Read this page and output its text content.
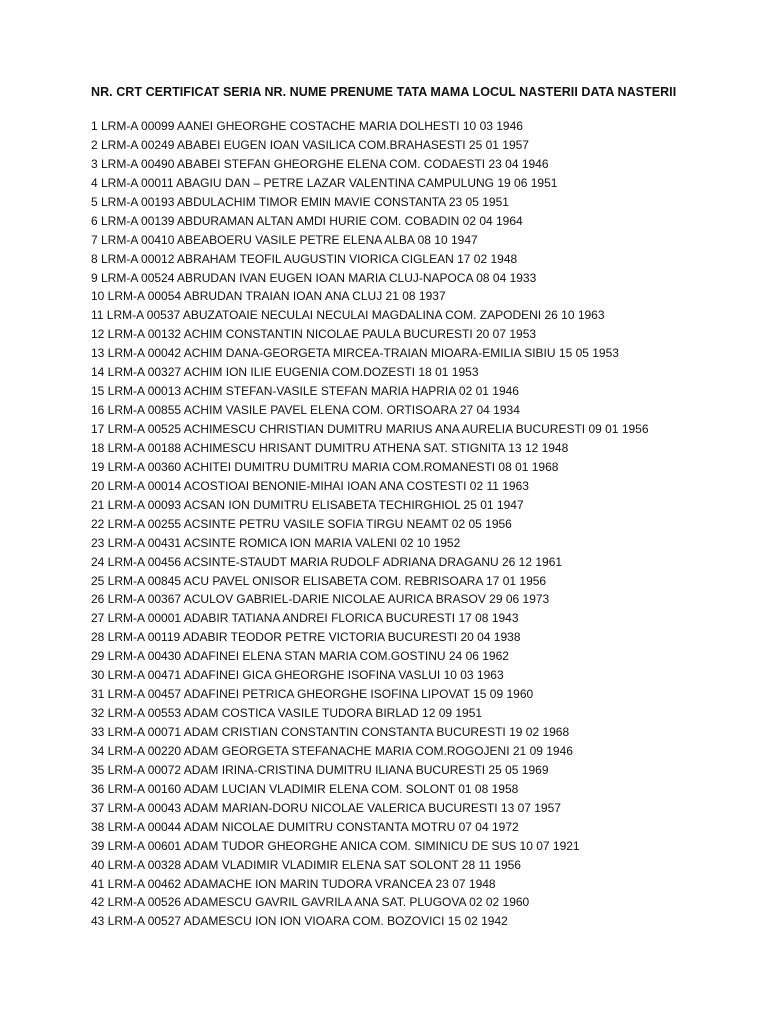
NR. CRT CERTIFICAT SERIA NR. NUME PRENUME TATA MAMA LOCUL NASTERII DATA NASTERII
1 LRM-A 00099 AANEI GHEORGHE COSTACHE MARIA DOLHESTI 10 03 1946
2 LRM-A 00249 ABABEI EUGEN IOAN VASILICA COM.BRAHASESTI 25 01 1957
3 LRM-A 00490 ABABEI STEFAN GHEORGHE ELENA COM. CODAESTI 23 04 1946
4 LRM-A 00011 ABAGIU DAN – PETRE LAZAR VALENTINA CAMPULUNG 19 06 1951
5 LRM-A 00193 ABDULACHIM TIMOR EMIN MAVIE CONSTANTA 23 05 1951
6 LRM-A 00139 ABDURAMAN ALTAN AMDI HURIE COM. COBADIN 02 04 1964
7 LRM-A 00410 ABEABOERU VASILE PETRE ELENA ALBA 08 10 1947
8 LRM-A 00012 ABRAHAM TEOFIL AUGUSTIN VIORICA CIGLEAN 17 02 1948
9 LRM-A 00524 ABRUDAN IVAN EUGEN IOAN MARIA CLUJ-NAPOCA 08 04 1933
10 LRM-A 00054 ABRUDAN TRAIAN IOAN ANA CLUJ 21 08 1937
11 LRM-A 00537 ABUZATOAIE NECULAI NECULAI MAGDALINA COM. ZAPODENI 26 10 1963
12 LRM-A 00132 ACHIM CONSTANTIN NICOLAE PAULA BUCURESTI 20 07 1953
13 LRM-A 00042 ACHIM DANA-GEORGETA MIRCEA-TRAIAN MIOARA-EMILIA SIBIU 15 05 1953
14 LRM-A 00327 ACHIM ION ILIE EUGENIA COM.DOZESTI 18 01 1953
15 LRM-A 00013 ACHIM STEFAN-VASILE STEFAN MARIA HAPRIA 02 01 1946
16 LRM-A 00855 ACHIM VASILE PAVEL ELENA COM. ORTISOARA 27 04 1934
17 LRM-A 00525 ACHIMESCU CHRISTIAN DUMITRU MARIUS ANA AURELIA BUCURESTI 09 01 1956
18 LRM-A 00188 ACHIMESCU HRISANT DUMITRU ATHENA SAT. STIGNITA 13 12 1948
19 LRM-A 00360 ACHITEI DUMITRU DUMITRU MARIA COM.ROMANESTI 08 01 1968
20 LRM-A 00014 ACOSTIOAI BENONIE-MIHAI IOAN ANA COSTESTI 02 11 1963
21 LRM-A 00093 ACSAN ION DUMITRU ELISABETA TECHIRGHIOL 25 01 1947
22 LRM-A 00255 ACSINTE PETRU VASILE SOFIA TIRGU NEAMT 02 05 1956
23 LRM-A 00431 ACSINTE ROMICA ION MARIA VALENI 02 10 1952
24 LRM-A 00456 ACSINTE-STAUDT MARIA RUDOLF ADRIANA DRAGANU 26 12 1961
25 LRM-A 00845 ACU PAVEL ONISOR ELISABETA COM. REBRISOARA 17 01 1956
26 LRM-A 00367 ACULOV GABRIEL-DARIE NICOLAE AURICA BRASOV 29 06 1973
27 LRM-A 00001 ADABIR TATIANA ANDREI FLORICA BUCURESTI 17 08 1943
28 LRM-A 00119 ADABIR TEODOR PETRE VICTORIA BUCURESTI 20 04 1938
29 LRM-A 00430 ADAFINEI ELENA STAN MARIA COM.GOSTINU 24 06 1962
30 LRM-A 00471 ADAFINEI GICA GHEORGHE ISOFINA VASLUI 10 03 1963
31 LRM-A 00457 ADAFINEI PETRICA GHEORGHE ISOFINA LIPOVAT 15 09 1960
32 LRM-A 00553 ADAM COSTICA VASILE TUDORA BIRLAD 12 09 1951
33 LRM-A 00071 ADAM CRISTIAN CONSTANTIN CONSTANTA BUCURESTI 19 02 1968
34 LRM-A 00220 ADAM GEORGETA STEFANACHE MARIA COM.ROGOJENI 21 09 1946
35 LRM-A 00072 ADAM IRINA-CRISTINA DUMITRU ILIANA BUCURESTI 25 05 1969
36 LRM-A 00160 ADAM LUCIAN VLADIMIR ELENA COM. SOLONT 01 08 1958
37 LRM-A 00043 ADAM MARIAN-DORU NICOLAE VALERICA BUCURESTI 13 07 1957
38 LRM-A 00044 ADAM NICOLAE DUMITRU CONSTANTA MOTRU 07 04 1972
39 LRM-A 00601 ADAM TUDOR GHEORGHE ANICA COM. SIMINICU DE SUS 10 07 1921
40 LRM-A 00328 ADAM VLADIMIR VLADIMIR ELENA SAT SOLONT 28 11 1956
41 LRM-A 00462 ADAMACHE ION MARIN TUDORA VRANCEA 23 07 1948
42 LRM-A 00526 ADAMESCU GAVRIL GAVRILA ANA SAT. PLUGOVA 02 02 1960
43 LRM-A 00527 ADAMESCU ION ION VIOARA COM. BOZOVICI 15 02 1942
